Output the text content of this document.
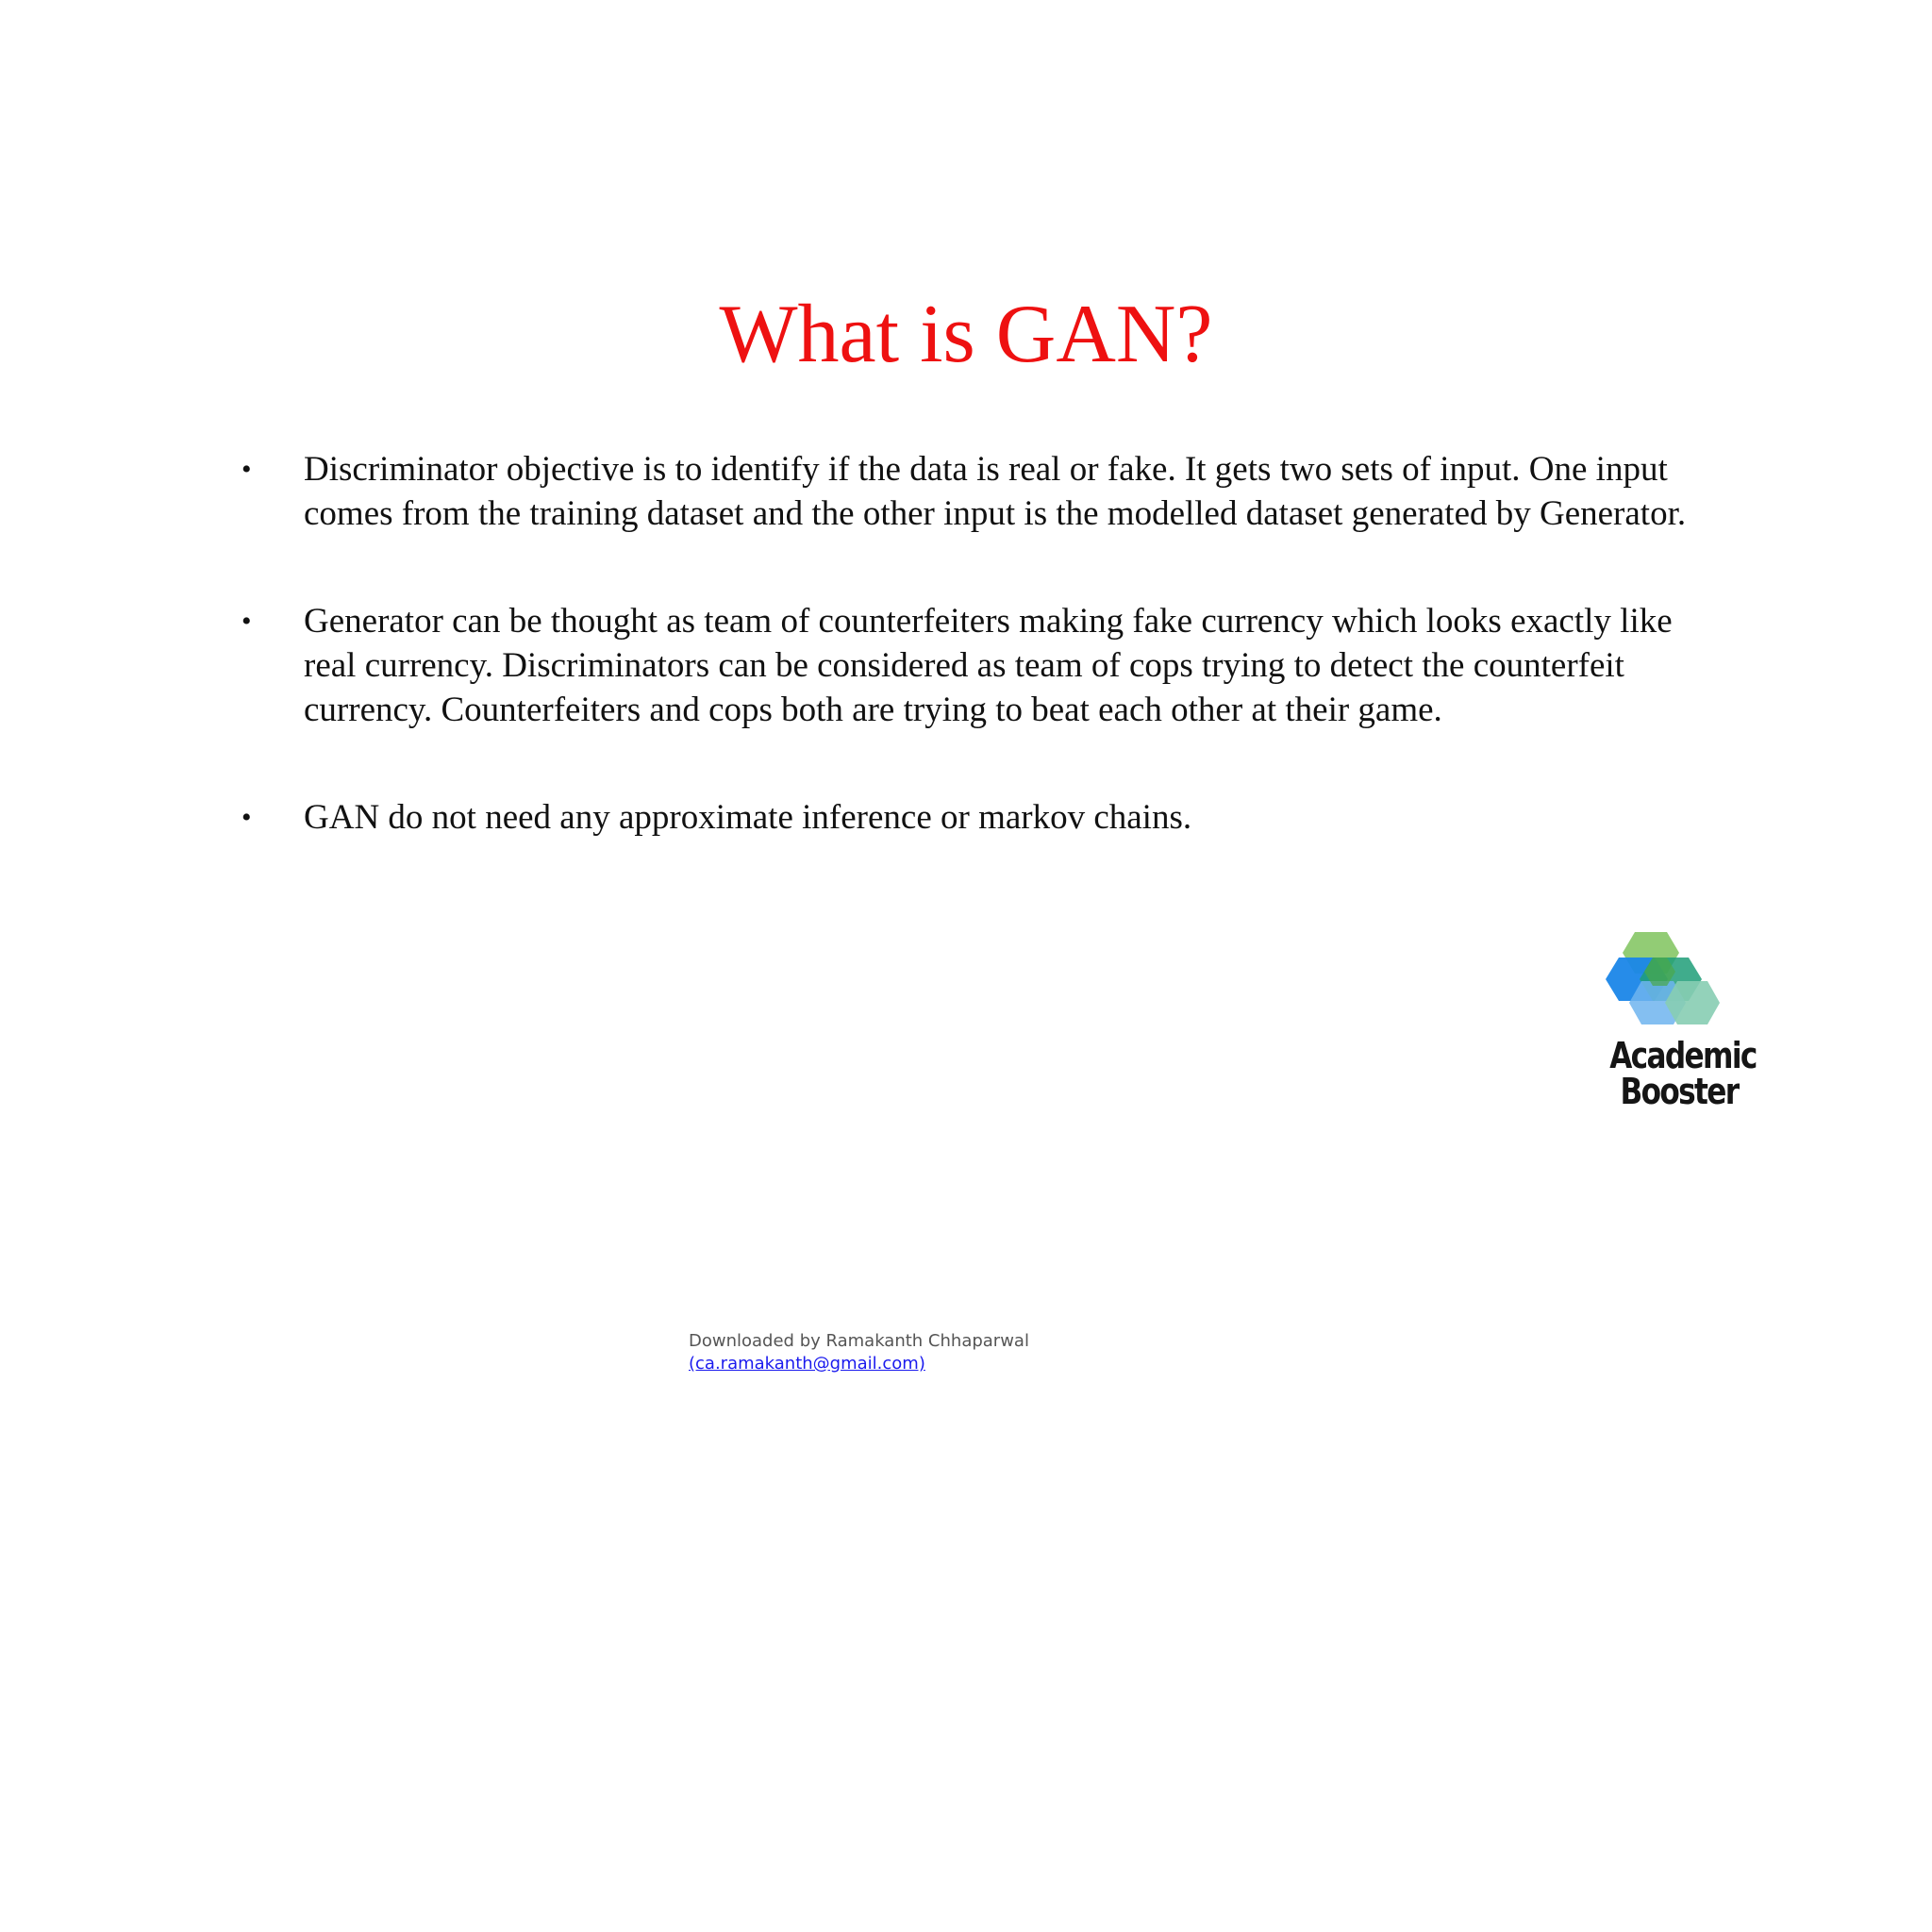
What is GAN?
• Discriminator objective is to identify if the data is real or fake. It gets two sets of input. One input comes from the training dataset and the other input is the modelled dataset generated by Generator.
• Generator can be thought as team of counterfeiters making fake currency which looks exactly like real currency. Discriminators can be considered as team of cops trying to detect the counterfeit currency. Counterfeiters and cops both are trying to beat each other at their game.
• GAN do not need any approximate inference or markov chains.
Academic
Booster
Downloaded by Ramakanth Chhaparwal
(ca.ramakanth@gmail.com)
